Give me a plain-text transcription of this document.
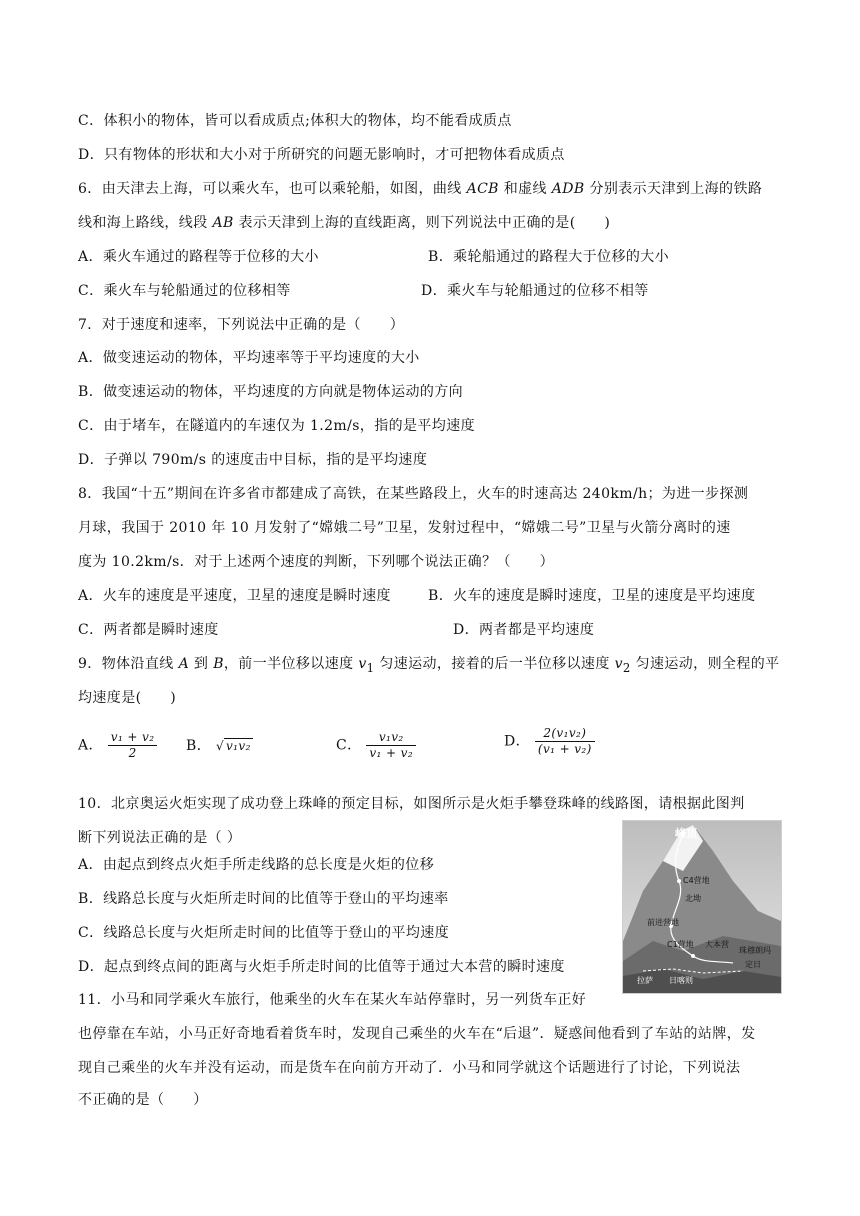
C．体积小的物体，皆可以看成质点;体积大的物体，均不能看成质点
D．只有物体的形状和大小对于所研究的问题无影响时，才可把物体看成质点
6．由天津去上海，可以乘火车，也可以乘轮船，如图，曲线 ACB 和虚线 ADB 分别表示天津到上海的铁路
线和海上路线，线段 AB 表示天津到上海的直线距离，则下列说法中正确的是(　　)
A．乘火车通过的路程等于位移的大小	B．乘轮船通过的路程大于位移的大小
C．乘火车与轮船通过的位移相等	D．乘火车与轮船通过的位移不相等
7．对于速度和速率，下列说法中正确的是（　　）
A．做变速运动的物体，平均速率等于平均速度的大小
B．做变速运动的物体，平均速度的方向就是物体运动的方向
C．由于堵车，在隧道内的车速仅为 1.2m/s，指的是平均速度
D．子弹以 790m/s 的速度击中目标，指的是平均速度
8．我国“十五”期间在许多省市都建成了高铁，在某些路段上，火车的时速高达 240km/h；为进一步探测
月球，我国于 2010 年 10 月发射了“嫦娥二号”卫星，发射过程中，“嫦娥二号”卫星与火箭分离时的速
度为 10.2km/s．对于上述两个速度的判断，下列哪个说法正确？（　　）
A．火车的速度是平速度，卫星的速度是瞬时速度	B．火车的速度是瞬时速度，卫星的速度是平均速度
C．两者都是瞬时速度	D．两者都是平均速度
9．物体沿直线 A 到 B，前一半位移以速度 $v_1$ 匀速运动，接着的后一半位移以速度 $v_2$ 匀速运动，则全程的平
均速度是(　　)
A． $\frac{\text{v₁ + v₂}}{2}$ B． √ v₁v₂	C． $\frac{\text{v₁v₂}}{\text{v₁ + v₂}}$	D． $\frac{\text{2(v₁v₂)}}{\text{(v₁ + v₂)}}$
10．北京奥运火炬实现了成功登上珠峰的预定目标，如图所示是火炬手攀登珠峰的线路图，请根据此图判
断下列说法正确的是（ ）
A．由起点到终点火炬手所走线路的总长度是火炬的位移
B．线路总长度与火炬所走时间的比值等于登山的平均速率
C．线路总长度与火炬所走时间的比值等于登山的平均速度
D．起点到终点间的距离与火炬手所走时间的比值等于通过大本营的瞬时速度
峰顶
C4营地
北坳
前进营地
C1营地 大本营
珠穆朗玛
定日
拉萨 日喀则
11．小马和同学乘火车旅行，他乘坐的火车在某火车站停靠时，另一列货车正好
也停靠在车站，小马正好奇地看着货车时，发现自己乘坐的火车在“后退”．疑惑间他看到了车站的站牌，发
现自己乘坐的火车并没有运动，而是货车在向前方开动了．小马和同学就这个话题进行了讨论，下列说法
不正确的是（　　）
